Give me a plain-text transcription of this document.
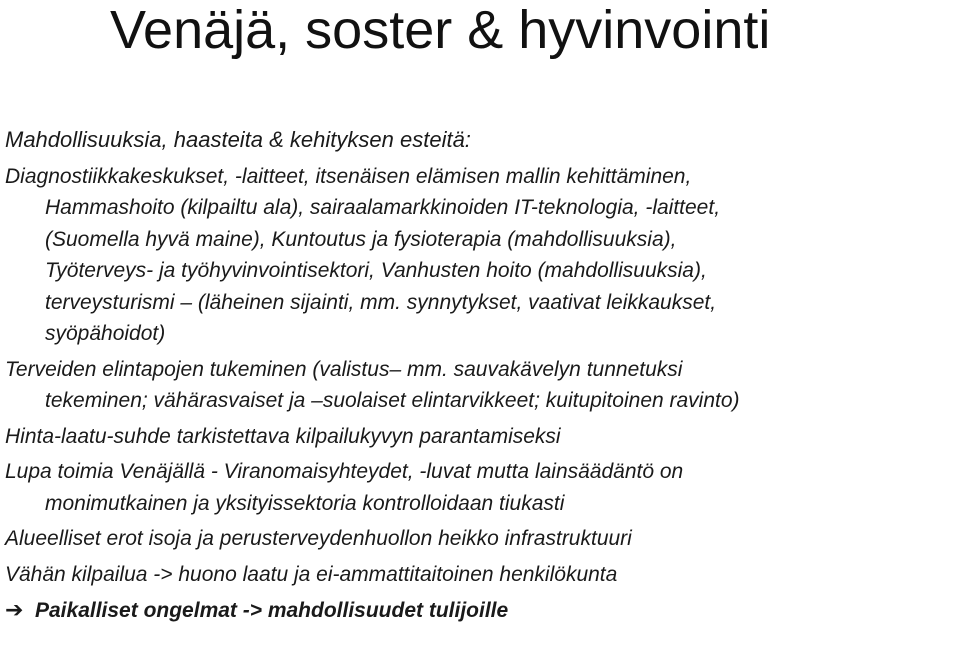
Venäjä, soster & hyvinvointi

Mahdollisuuksia, haasteita & kehityksen esteitä:

Diagnostiikkakeskukset, -laitteet, itsenäisen elämisen mallin kehittäminen,
Hammashoito (kilpailtu ala), sairaalamarkkinoiden IT-teknologia, -laitteet,
(Suomella hyvä maine), Kuntoutus ja fysioterapia (mahdollisuuksia),
Työterveys- ja työhyvinvointisektori, Vanhusten hoito (mahdollisuuksia),
terveysturismi – (läheinen sijainti, mm. synnytykset, vaativat leikkaukset,
syöpähoidot)

Terveiden elintapojen tukeminen (valistus– mm. sauvakävelyn tunnetuksi
tekeminen; vähärasvaiset ja –suolaiset elintarvikkeet; kuitupitoinen ravinto)

Hinta-laatu-suhde tarkistettava kilpailukyvyn parantamiseksi

Lupa toimia Venäjällä - Viranomaisyhteydet, -luvat mutta lainsäädäntö on
monimutkainen ja yksityissektoria kontrolloidaan tiukasti

Alueelliset erot isoja ja perusterveydenhuollon heikko infrastruktuuri

Vähän kilpailua -> huono laatu ja ei-ammattitaitoinen henkilökunta

➔ Paikalliset ongelmat -> mahdollisuudet tulijoille
